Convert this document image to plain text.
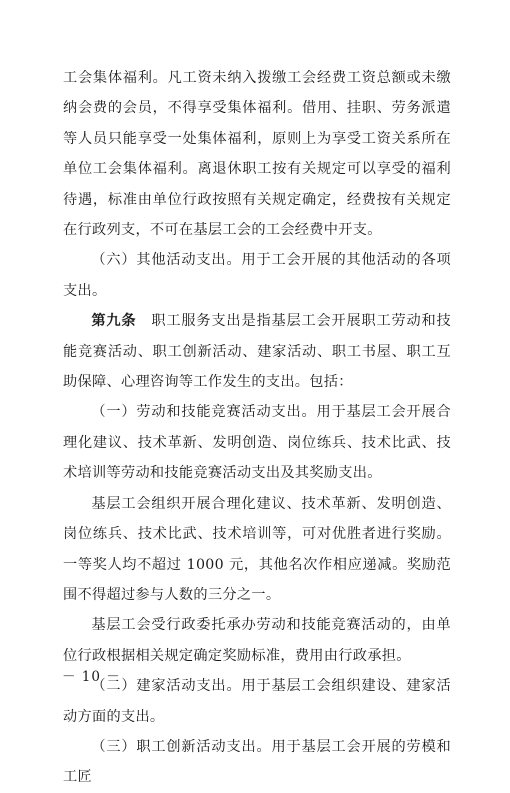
工会集体福利。凡工资未纳入拨缴工会经费工资总额或未缴纳会费的会员，不得享受集体福利。借用、挂职、劳务派遣等人员只能享受一处集体福利，原则上为享受工资关系所在单位工会集体福利。离退休职工按有关规定可以享受的福利待遇，标准由单位行政按照有关规定确定，经费按有关规定在行政列支，不可在基层工会的工会经费中开支。

（六）其他活动支出。用于工会开展的其他活动的各项支出。

第九条　职工服务支出是指基层工会开展职工劳动和技能竞赛活动、职工创新活动、建家活动、职工书屋、职工互助保障、心理咨询等工作发生的支出。包括：

（一）劳动和技能竞赛活动支出。用于基层工会开展合理化建议、技术革新、发明创造、岗位练兵、技术比武、技术培训等劳动和技能竞赛活动支出及其奖励支出。

基层工会组织开展合理化建议、技术革新、发明创造、岗位练兵、技术比武、技术培训等，可对优胜者进行奖励。一等奖人均不超过 1000 元，其他名次作相应递减。奖励范围不得超过参与人数的三分之一。

基层工会受行政委托承办劳动和技能竞赛活动的，由单位行政根据相关规定确定奖励标准，费用由行政承担。

（二）建家活动支出。用于基层工会组织建设、建家活动方面的支出。

（三）职工创新活动支出。用于基层工会开展的劳模和工匠

－ 10 －
